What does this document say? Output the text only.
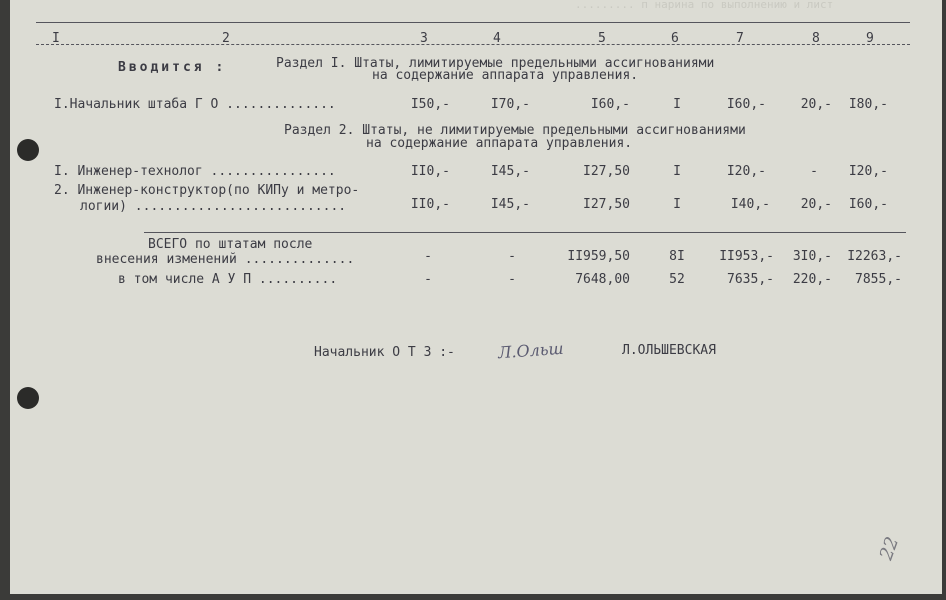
......... п нарина по выполнению и лист
I	2	3	4	5	6	7	8	9
Вводится :	Раздел I. Штаты, лимитируемые предельными ассигнованиями
на содержание аппарата управления.
I.Начальник штаба Г О ..............	I50,-	I70,-	I60,-	I	I60,-	20,-	I80,-
Раздел 2. Штаты, не лимитируемые предельными ассигнованиями
на содержание аппарата управления.
I. Инженер-технолог ................	II0,-	I45,-	I27,50	I	I20,-	-	I20,-
2. Инженер-конструктор(по КИПу и метро-
логии) ...........................	II0,-	I45,-	I27,50	I	I40,-	20,-	I60,-
ВСЕГО по штатам после
внесения изменений ..............	-	-	II959,50	8I	II953,-	3I0,-	I2263,-
в том числе А У П ..........	-	-	7648,00	52	7635,-	220,-	7855,-
Начальник О Т З :-	Л.Ольш	Л.ОЛЬШЕВСКАЯ
22
